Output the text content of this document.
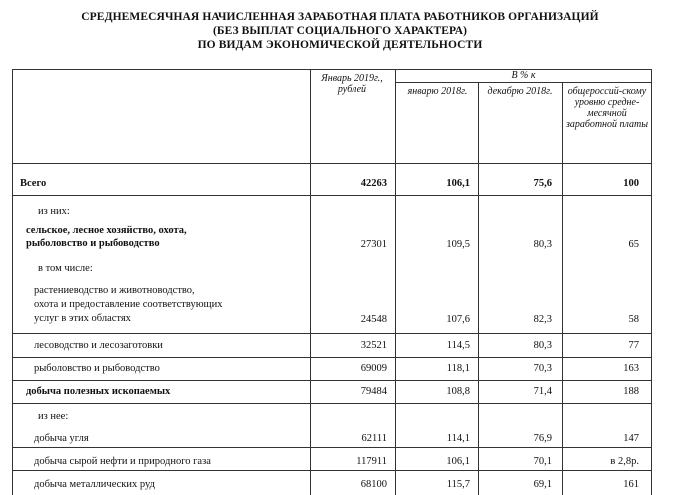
СРЕДНЕМЕСЯЧНАЯ НАЧИСЛЕННАЯ ЗАРАБОТНАЯ ПЛАТА РАБОТНИКОВ ОРГАНИЗАЦИЙ
(БЕЗ ВЫПЛАТ СОЦИАЛЬНОГО ХАРАКТЕРА)
ПО ВИДАМ ЭКОНОМИЧЕСКОЙ ДЕЯТЕЛЬНОСТИ
Январь 2019г., рублей
В % к
январю 2018г.	декабрю 2018г.	общероссий-скому уровню средне-месячной заработной платы
Всего	42263	106,1	75,6	100
из них:
сельское, лесное хозяйство, охота,
рыболовство и рыбоводство	27301	109,5	80,3	65
в том числе:
растениеводство и животноводство,
охота и предоставление соответствующих
услуг в этих областях	24548	107,6	82,3	58
лесоводство и лесозаготовки	32521	114,5	80,3	77
рыболовство и рыбоводство	69009	118,1	70,3	163
добыча полезных ископаемых	79484	108,8	71,4	188
из нее:
добыча угля	62111	114,1	76,9	147
добыча сырой нефти и природного газа	117911	106,1	70,1	в 2,8р.
добыча металлических руд	68100	115,7	69,1	161
